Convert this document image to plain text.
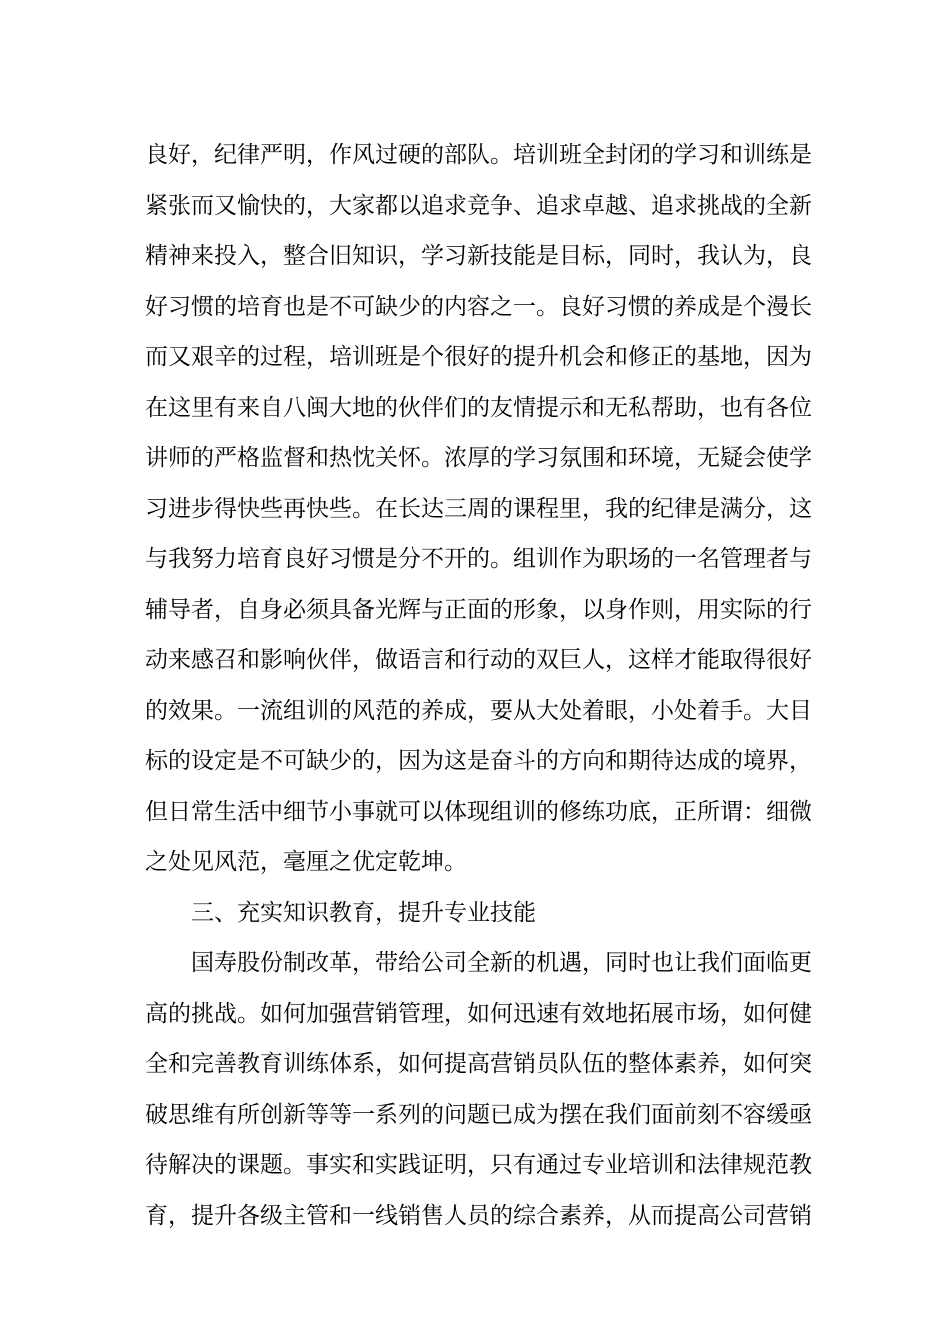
良好，纪律严明，作风过硬的部队。培训班全封闭的学习和训练是
紧张而又愉快的，大家都以追求竞争、追求卓越、追求挑战的全新
精神来投入，整合旧知识，学习新技能是目标，同时，我认为，良
好习惯的培育也是不可缺少的内容之一。良好习惯的养成是个漫长
而又艰辛的过程，培训班是个很好的提升机会和修正的基地，因为
在这里有来自八闽大地的伙伴们的友情提示和无私帮助，也有各位
讲师的严格监督和热忱关怀。浓厚的学习氛围和环境，无疑会使学
习进步得快些再快些。在长达三周的课程里，我的纪律是满分，这
与我努力培育良好习惯是分不开的。组训作为职场的一名管理者与
辅导者，自身必须具备光辉与正面的形象，以身作则，用实际的行
动来感召和影响伙伴，做语言和行动的双巨人，这样才能取得很好
的效果。一流组训的风范的养成，要从大处着眼，小处着手。大目
标的设定是不可缺少的，因为这是奋斗的方向和期待达成的境界，
但日常生活中细节小事就可以体现组训的修练功底，正所谓：细微
之处见风范，毫厘之优定乾坤。
三、充实知识教育，提升专业技能
国寿股份制改革，带给公司全新的机遇，同时也让我们面临更
高的挑战。如何加强营销管理，如何迅速有效地拓展市场，如何健
全和完善教育训练体系，如何提高营销员队伍的整体素养，如何突
破思维有所创新等等一系列的问题已成为摆在我们面前刻不容缓亟
待解决的课题。事实和实践证明，只有通过专业培训和法律规范教
育，提升各级主管和一线销售人员的综合素养，从而提高公司营销
